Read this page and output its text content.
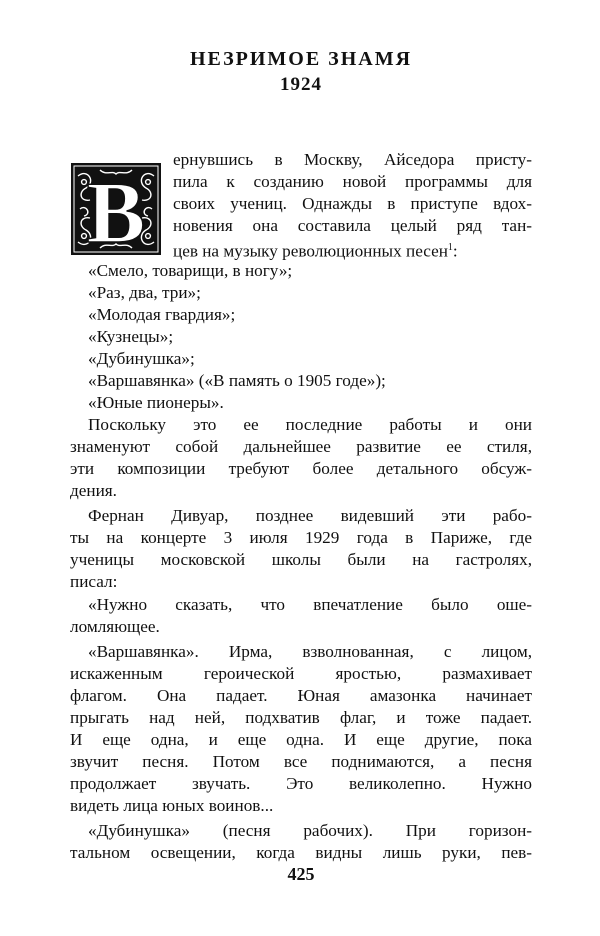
НЕЗРИМОЕ ЗНАМЯ
1924
В
ернувшись в Москву, Айседора присту-
пила к созданию новой программы для
своих учениц. Однажды в приступе вдох-
новения она составила целый ряд тан-
цев на музыку революционных песен$^1$:
«Смело, товарищи, в ногу»;
«Раз, два, три»;
«Молодая гвардия»;
«Кузнецы»;
«Дубинушка»;
«Варшавянка» («В память о 1905 годе»);
«Юные пионеры».
Поскольку это ее последние работы и они
знаменуют собой дальнейшее развитие ее стиля,
эти композиции требуют более детального обсуж-
дения.
Фернан Дивуар, позднее видевший эти рабо-
ты на концерте 3 июля 1929 года в Париже, где
ученицы московской школы были на гастролях,
писал:
«Нужно сказать, что впечатление было оше-
ломляющее.
«Варшавянка». Ирма, взволнованная, с лицом,
искаженным героической яростью, размахивает
флагом. Она падает. Юная амазонка начинает
прыгать над ней, подхватив флаг, и тоже падает.
И еще одна, и еще одна. И еще другие, пока
звучит песня. Потом все поднимаются, а песня
продолжает звучать. Это великолепно. Нужно
видеть лица юных воинов...
«Дубинушка» (песня рабочих). При горизон-
тальном освещении, когда видны лишь руки, пев-

425
